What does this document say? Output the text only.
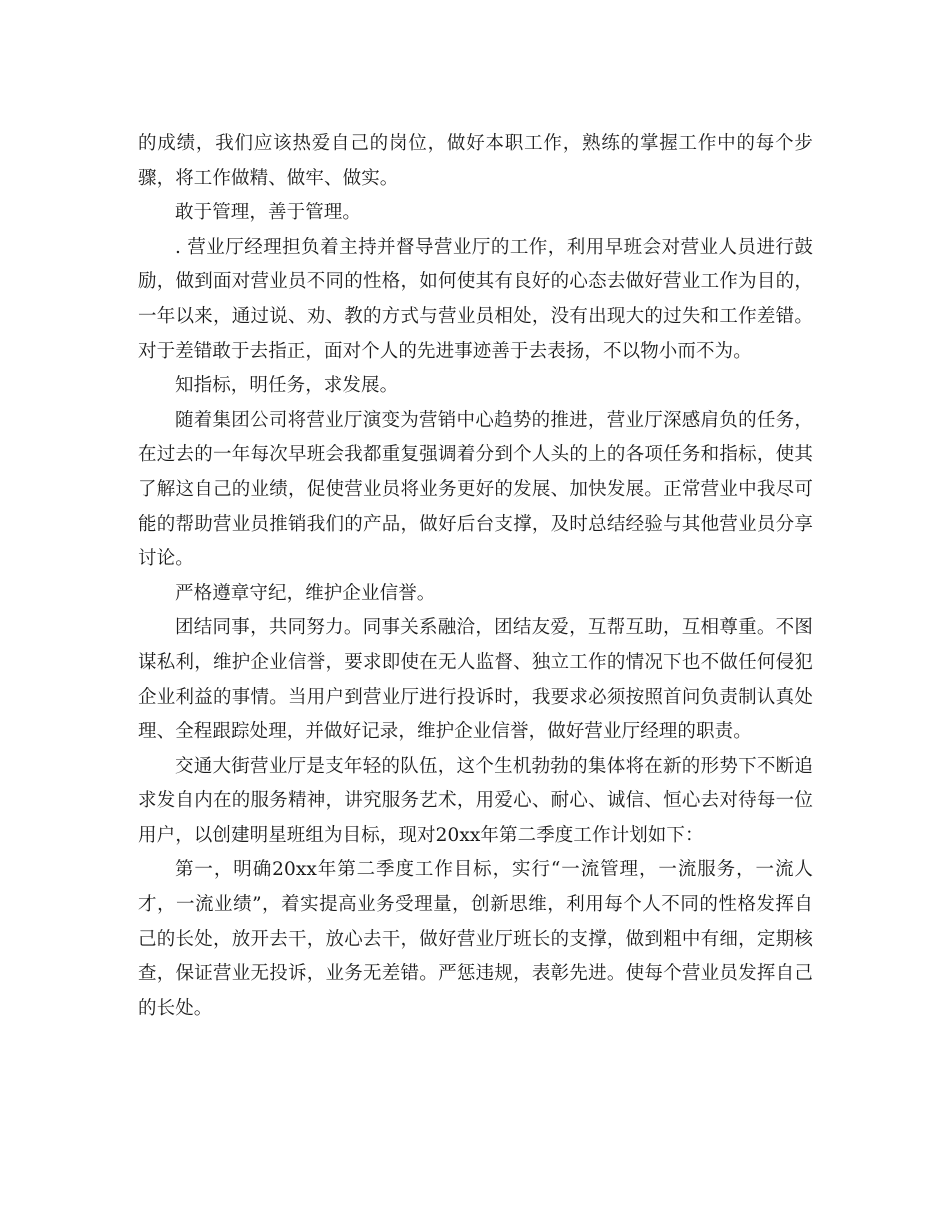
的成绩，我们应该热爱自己的岗位，做好本职工作，熟练的掌握工作中的每个步骤，将工作做精、做牢、做实。

敢于管理，善于管理。

. 营业厅经理担负着主持并督导营业厅的工作，利用早班会对营业人员进行鼓励，做到面对营业员不同的性格，如何使其有良好的心态去做好营业工作为目的，一年以来，通过说、劝、教的方式与营业员相处，没有出现大的过失和工作差错。对于差错敢于去指正，面对个人的先进事迹善于去表扬，不以物小而不为。

知指标，明任务，求发展。

随着集团公司将营业厅演变为营销中心趋势的推进，营业厅深感肩负的任务，在过去的一年每次早班会我都重复强调着分到个人头的上的各项任务和指标，使其了解这自己的业绩，促使营业员将业务更好的发展、加快发展。正常营业中我尽可能的帮助营业员推销我们的产品，做好后台支撑，及时总结经验与其他营业员分享讨论。

严格遵章守纪，维护企业信誉。

团结同事，共同努力。同事关系融洽，团结友爱，互帮互助，互相尊重。不图谋私利，维护企业信誉，要求即使在无人监督、独立工作的情况下也不做任何侵犯企业利益的事情。当用户到营业厅进行投诉时，我要求必须按照首问负责制认真处理、全程跟踪处理，并做好记录，维护企业信誉，做好营业厅经理的职责。

交通大街营业厅是支年轻的队伍，这个生机勃勃的集体将在新的形势下不断追求发自内在的服务精神，讲究服务艺术，用爱心、耐心、诚信、恒心去对待每一位用户，以创建明星班组为目标，现对20xx年第二季度工作计划如下：

第一，明确20xx年第二季度工作目标，实行“一流管理，一流服务，一流人才，一流业绩”，着实提高业务受理量，创新思维，利用每个人不同的性格发挥自己的长处，放开去干，放心去干，做好营业厅班长的支撑，做到粗中有细，定期核查，保证营业无投诉，业务无差错。严惩违规，表彰先进。使每个营业员发挥自己的长处。
